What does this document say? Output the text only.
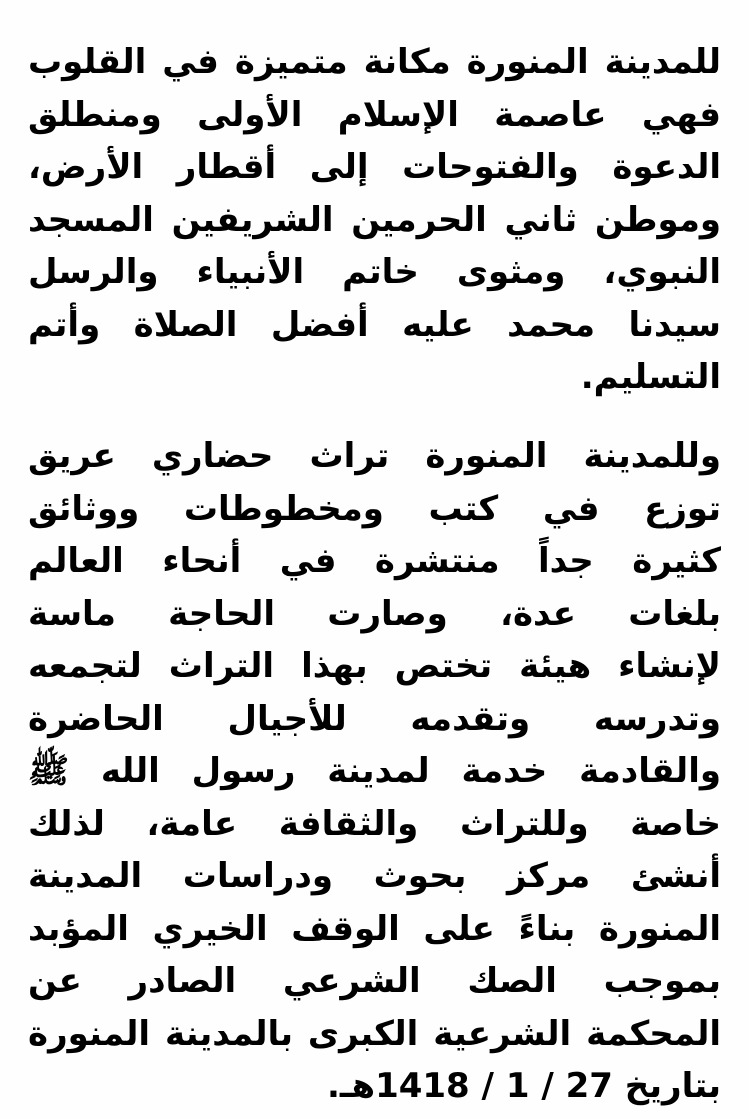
للمدينة المنورة مكانة متميزة في القلوب
فهي عاصمة الإسلام الأولى ومنطلق
الدعوة والفتوحات إلى أقطار الأرض،
وموطن ثاني الحرمين الشريفين المسجد
النبوي، ومثوى خاتم الأنبياء والرسل
سيدنا محمد عليه أفضل الصلاة وأتم
التسليم.
وللمدينة المنورة تراث حضاري عريق
توزع في كتب ومخطوطات ووثائق
كثيرة جداً منتشرة في أنحاء العالم
بلغات عدة، وصارت الحاجة ماسة
لإنشاء هيئة تختص بهذا التراث لتجمعه
وتدرسه وتقدمه للأجيال الحاضرة
والقادمة خدمة لمدينة رسول الله ﷺ
خاصة وللتراث والثقافة عامة، لذلك
أنشئ مركز بحوث ودراسات المدينة
المنورة بناءً على الوقف الخيري المؤبد
بموجب الصك الشرعي الصادر عن
المحكمة الشرعية الكبرى بالمدينة المنورة
بتاريخ 27 / 1 / 1418هـ.
